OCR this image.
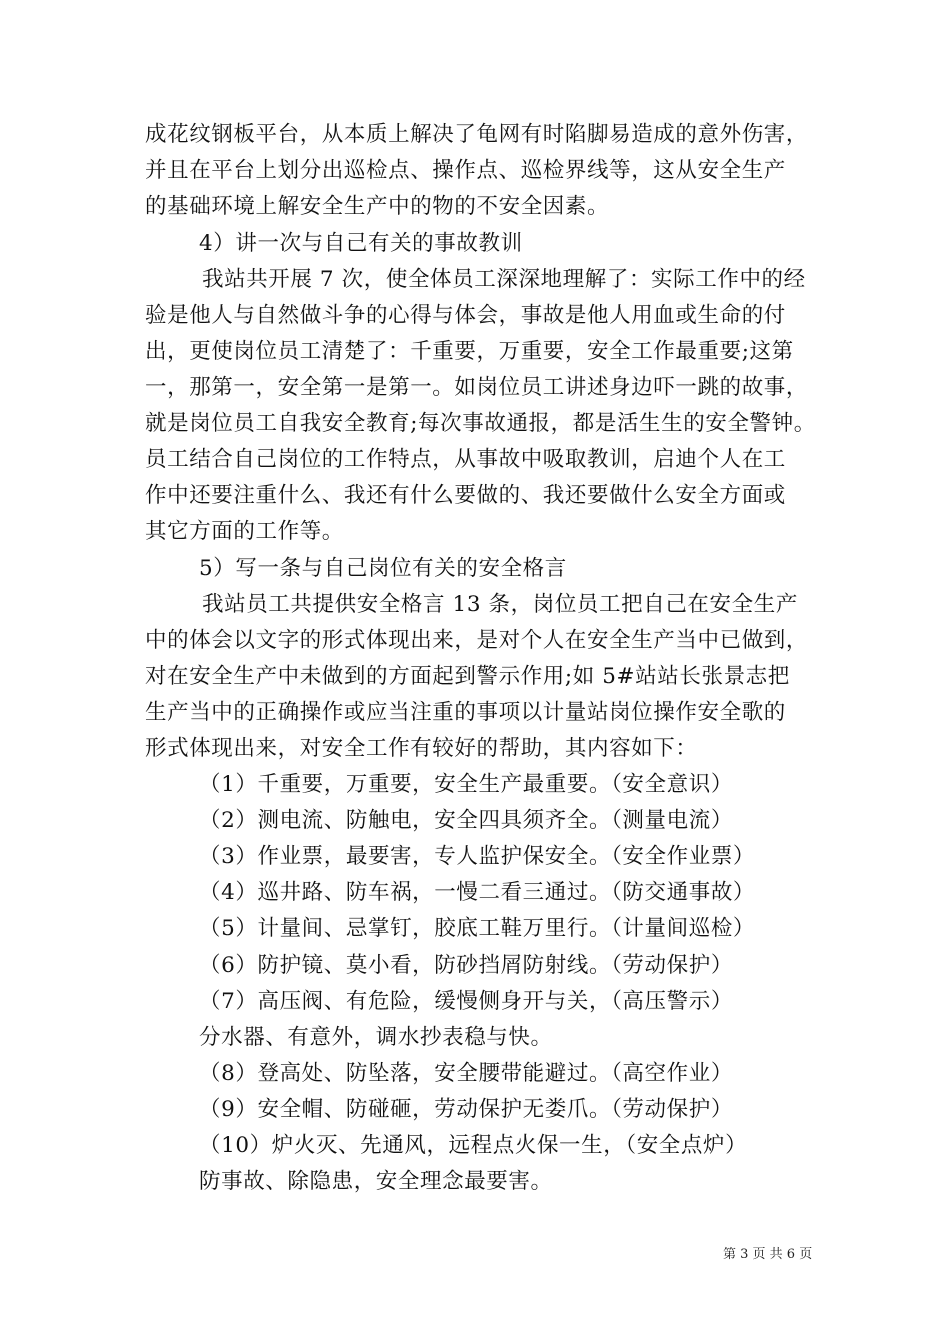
成花纹钢板平台，从本质上解决了龟网有时陷脚易造成的意外伤害，
并且在平台上划分出巡检点、操作点、巡检界线等，这从安全生产
的基础环境上解安全生产中的物的不安全因素。
4）讲一次与自己有关的事故教训
我站共开展 7 次，使全体员工深深地理解了：实际工作中的经
验是他人与自然做斗争的心得与体会，事故是他人用血或生命的付
出，更使岗位员工清楚了：千重要，万重要，安全工作最重要;这第
一，那第一，安全第一是第一。如岗位员工讲述身边吓一跳的故事，
就是岗位员工自我安全教育;每次事故通报，都是活生生的安全警钟。
员工结合自己岗位的工作特点，从事故中吸取教训，启迪个人在工
作中还要注重什么、我还有什么要做的、我还要做什么安全方面或
其它方面的工作等。
5）写一条与自己岗位有关的安全格言
我站员工共提供安全格言 13 条，岗位员工把自己在安全生产
中的体会以文字的形式体现出来，是对个人在安全生产当中已做到，
对在安全生产中未做到的方面起到警示作用;如 5#站站长张景志把
生产当中的正确操作或应当注重的事项以计量站岗位操作安全歌的
形式体现出来，对安全工作有较好的帮助，其内容如下：
（1）千重要，万重要，安全生产最重要。（安全意识）
（2）测电流、防触电，安全四具须齐全。（测量电流）
（3）作业票，最要害，专人监护保安全。（安全作业票）
（4）巡井路、防车祸，一慢二看三通过。（防交通事故）
（5）计量间、忌掌钉，胶底工鞋万里行。（计量间巡检）
（6）防护镜、莫小看，防砂挡屑防射线。（劳动保护）
（7）高压阀、有危险，缓慢侧身开与关，（高压警示）
分水器、有意外，调水抄表稳与快。
（8）登高处、防坠落，安全腰带能避过。（高空作业）
（9）安全帽、防碰砸，劳动保护无娄爪。（劳动保护）
（10）炉火灭、先通风，远程点火保一生，（安全点炉）
防事故、除隐患，安全理念最要害。
第 3 页 共 6 页
